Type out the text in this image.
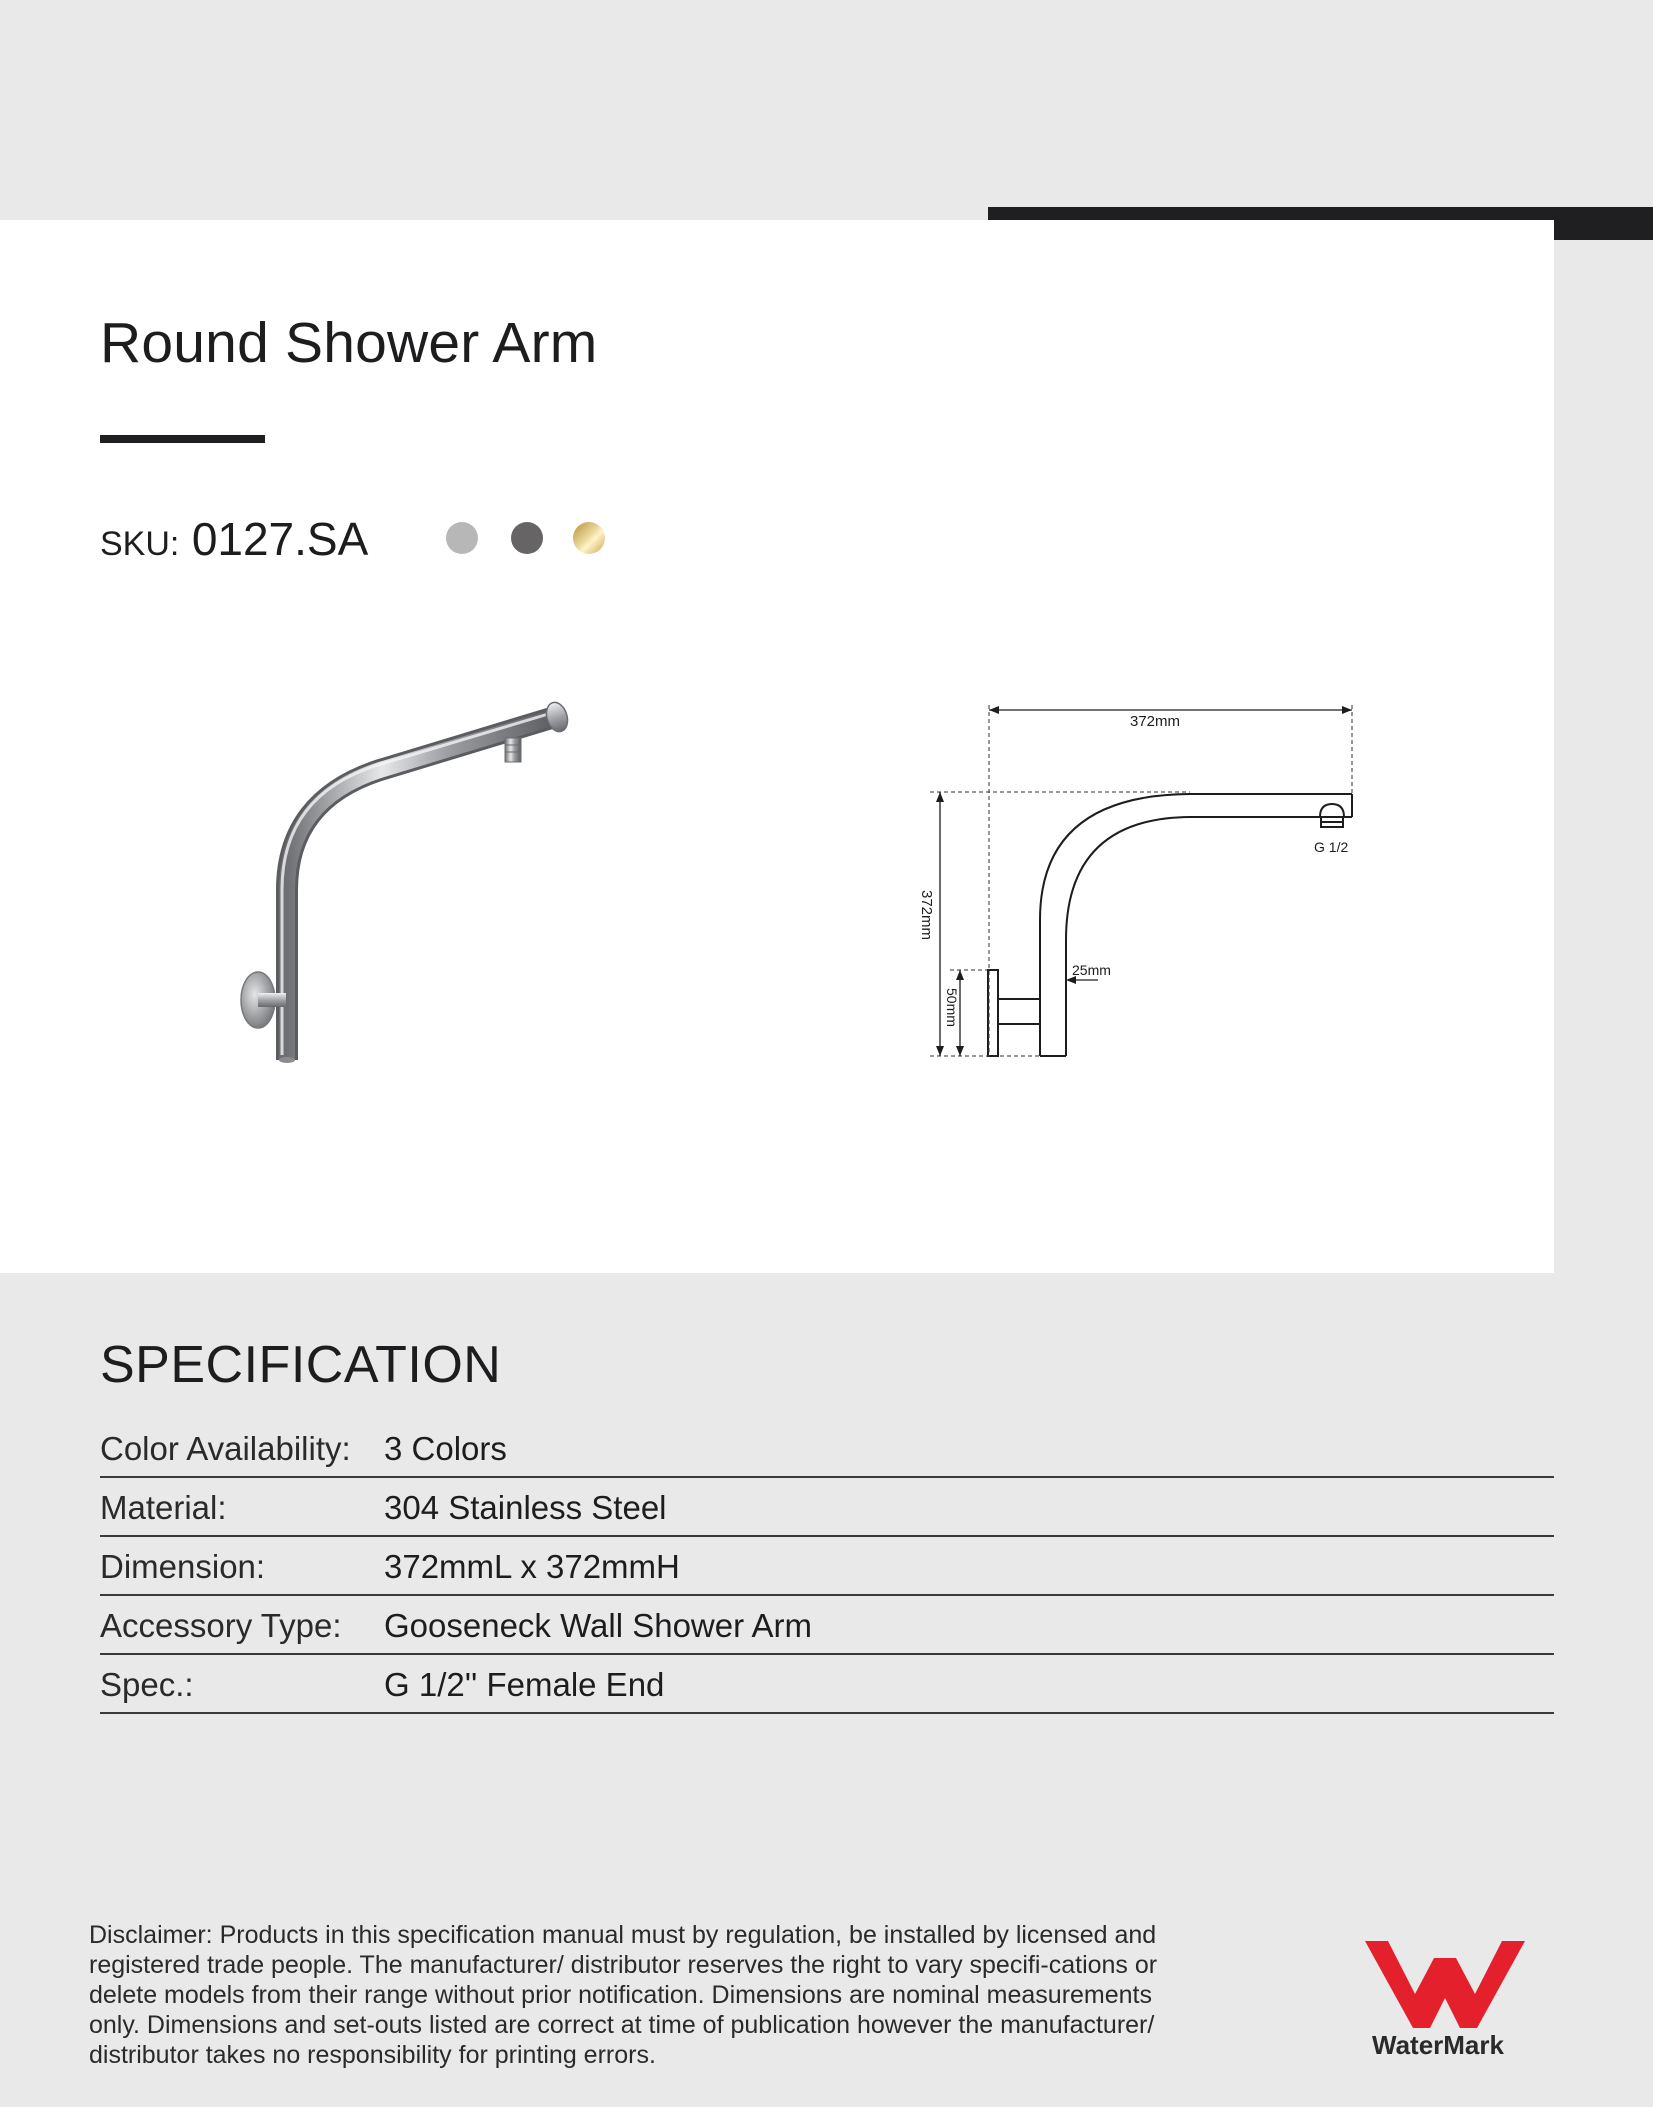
Round Shower Arm
SKU: 0127.SA
372mm
372mm
50mm
25mm
G 1/2
SPECIFICATION
Color Availability: 3 Colors
Material:	304 Stainless Steel
Dimension:	372mmL x 372mmH
Accessory Type: Gooseneck Wall Shower Arm
Spec.:	G 1/2'' Female End

Disclaimer: Products in this specification manual must by regulation, be installed by licensed and registered trade people. The manufacturer/ distributor reserves the right to vary specifi-cations or delete models from their range without prior notification. Dimensions are nominal measurements only. Dimensions and set-outs listed are correct at time of publication however the manufacturer/ distributor takes no responsibility for printing errors.	WaterMark
